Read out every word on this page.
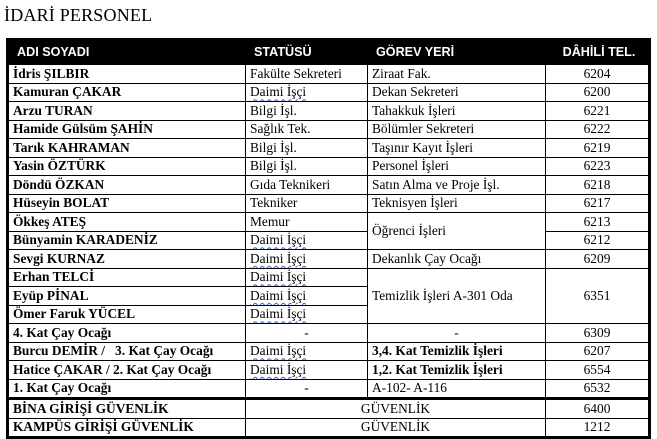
İDARİ PERSONEL
ADI SOYADI	STATÜSÜ	GÖREV YERİ	DÂHİLİ TEL.
İdris ŞILBIR	Fakülte Sekreteri	Ziraat Fak.	6204
Kamuran ÇAKAR	Daimi İşçi	Dekan Sekreteri	6200
Arzu TURAN	Bilgi İşl.	Tahakkuk İşleri	6221
Hamide Gülsüm ŞAHİN	Sağlık Tek.	Bölümler Sekreteri	6222
Tarık KAHRAMAN	Bilgi İşl.	Taşınır Kayıt İşleri	6219
Yasin ÖZTÜRK	Bilgi İşl.	Personel İşleri	6223
Döndü ÖZKAN	Gıda Teknikeri	Satın Alma ve Proje İşl.	6218
Hüseyin BOLAT	Tekniker	Teknisyen İşleri	6217
Ökkeş ATEŞ	Memur	Öğrenci İşleri	6213
Bünyamin KARADENİZ	Daimi İşçi		6212
Sevgi KURNAZ	Daimi İşçi	Dekanlık Çay Ocağı	6209
Erhan TELCİ	Daimi İşçi	Temizlik İşleri A-301 Oda	6351
Eyüp PİNAL	Daimi İşçi		
Ömer Faruk YÜCEL	Daimi İşçi		
4. Kat Çay Ocağı	-	-	6309
Burcu DEMİR /   3. Kat Çay Ocağı	Daimi İşçi	3,4. Kat Temizlik İşleri	6207
Hatice ÇAKAR / 2. Kat Çay Ocağı	Daimi İşçi	1,2. Kat Temizlik İşleri	6554
1. Kat Çay Ocağı	-	A-102- A-116	6532
BİNA GİRİŞİ GÜVENLİK	GÜVENLİK		6400
KAMPÜS GİRİŞİ GÜVENLİK	GÜVENLİK		1212
